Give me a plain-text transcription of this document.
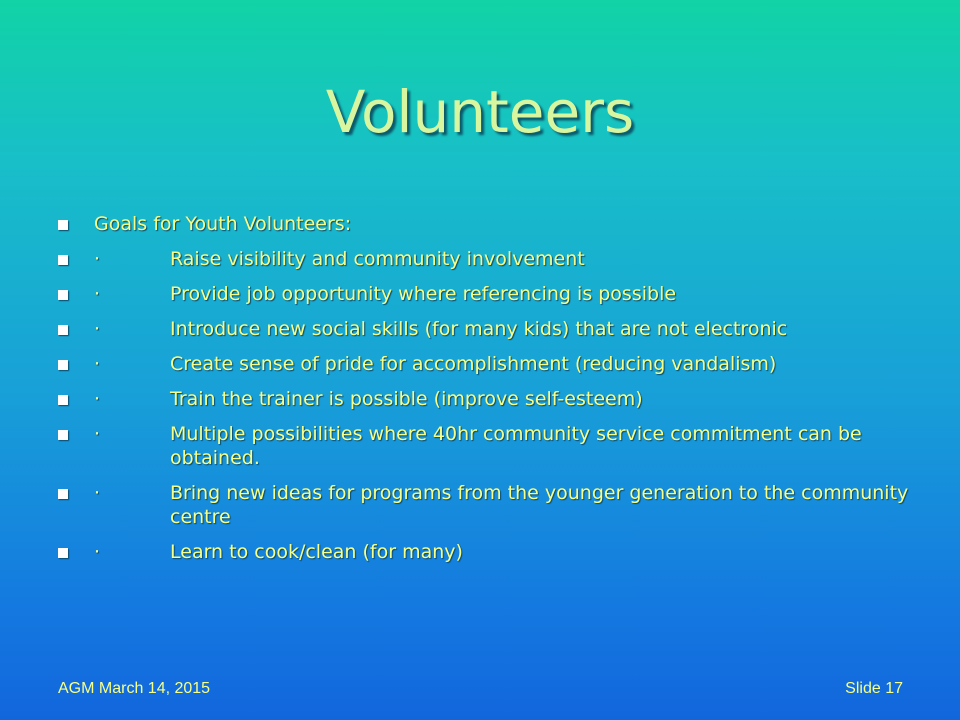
Volunteers
Goals for Youth Volunteers:
·	Raise visibility and community involvement
·	Provide job opportunity where referencing is possible
·	Introduce new social skills (for many kids) that are not electronic
·	Create sense of pride for accomplishment (reducing vandalism)
·	Train the trainer is possible (improve self-esteem)
·	Multiple possibilities where 40hr community service commitment can be obtained.
·	Bring new ideas for programs from the younger generation to the community centre
·	Learn to cook/clean (for many)
AGM March 14, 2015	Slide 17
